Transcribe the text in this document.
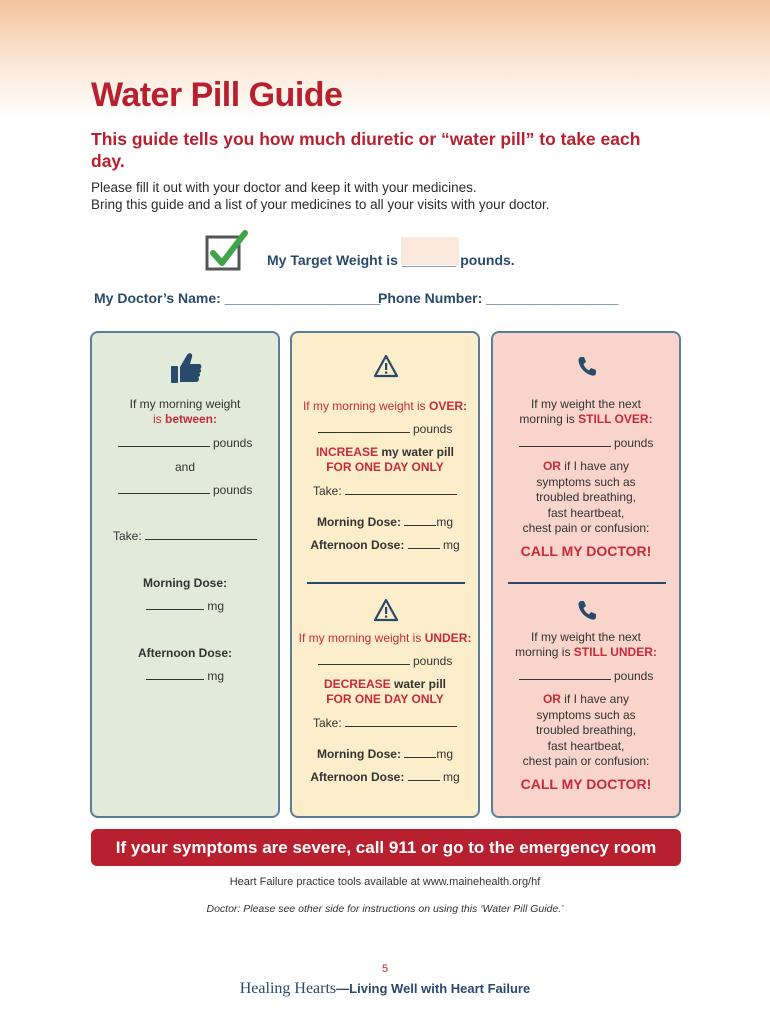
Water Pill Guide
This guide tells you how much diuretic or “water pill” to take each day.
Please fill it out with your doctor and keep it with your medicines.
Bring this guide and a list of your medicines to all your visits with your doctor.
My Target Weight is _______ pounds.
My Doctor’s Name: ____________________
Phone Number: _________________
If my morning weight
is between:
pounds
and
pounds
Take:
Morning Dose:
mg
Afternoon Dose:
mg
If my morning weight is OVER:
pounds
INCREASE my water pill
FOR ONE DAY ONLY
Take:
Morning Dose:	mg
Afternoon Dose:	mg
If my morning weight is UNDER:
pounds
DECREASE water pill
FOR ONE DAY ONLY
Take:
Morning Dose:	mg
Afternoon Dose:	mg
If my weight the next
morning is STILL OVER:
pounds
OR if I have any
symptoms such as
troubled breathing,
fast heartbeat,
chest pain or confusion:
CALL MY DOCTOR!
If my weight the next
morning is STILL UNDER:
pounds
OR if I have any
symptoms such as
troubled breathing,
fast heartbeat,
chest pain or confusion:
CALL MY DOCTOR!
If your symptoms are severe, call 911 or go to the emergency room
Heart Failure practice tools available at www.mainehealth.org/hf
Doctor: Please see other side for instructions on using this ‘Water Pill Guide.’
5
Healing Hearts—Living Well with Heart Failure
